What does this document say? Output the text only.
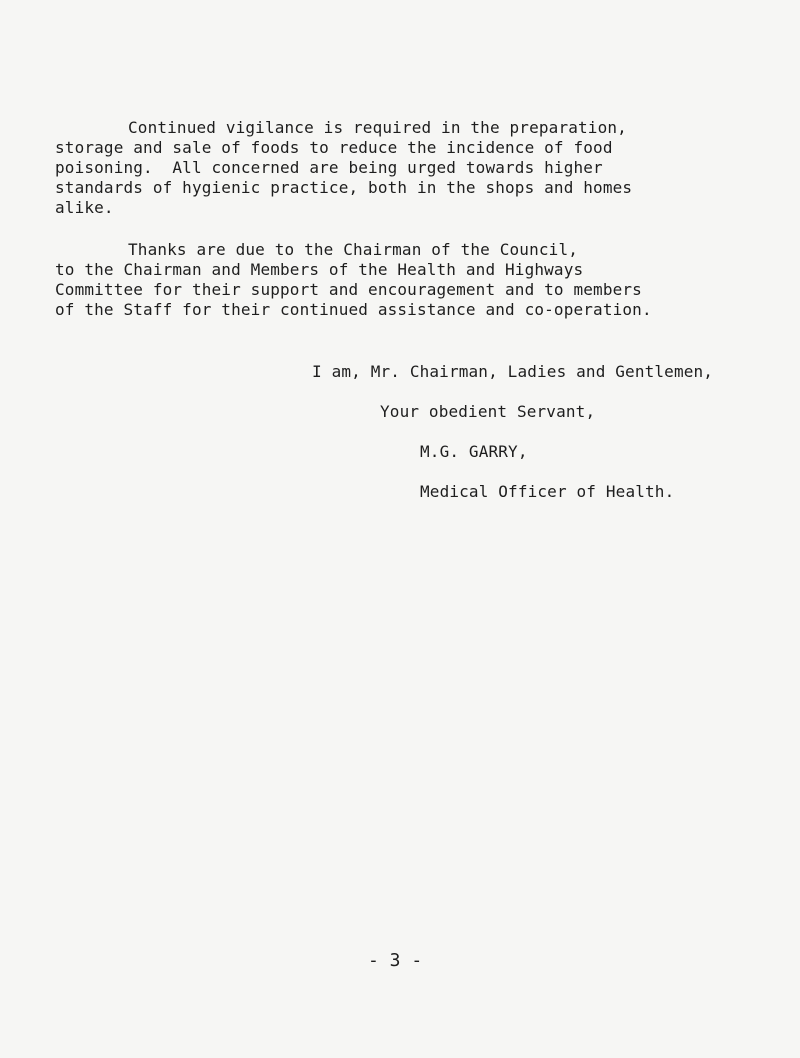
Continued vigilance is required in the preparation,
storage and sale of foods to reduce the incidence of food
poisoning.  All concerned are being urged towards higher
standards of hygienic practice, both in the shops and homes
alike.
Thanks are due to the Chairman of the Council,
to the Chairman and Members of the Health and Highways
Committee for their support and encouragement and to members
of the Staff for their continued assistance and co-operation.
I am, Mr. Chairman, Ladies and Gentlemen,
Your obedient Servant,
M.G. GARRY,
Medical Officer of Health.
- 3 -
